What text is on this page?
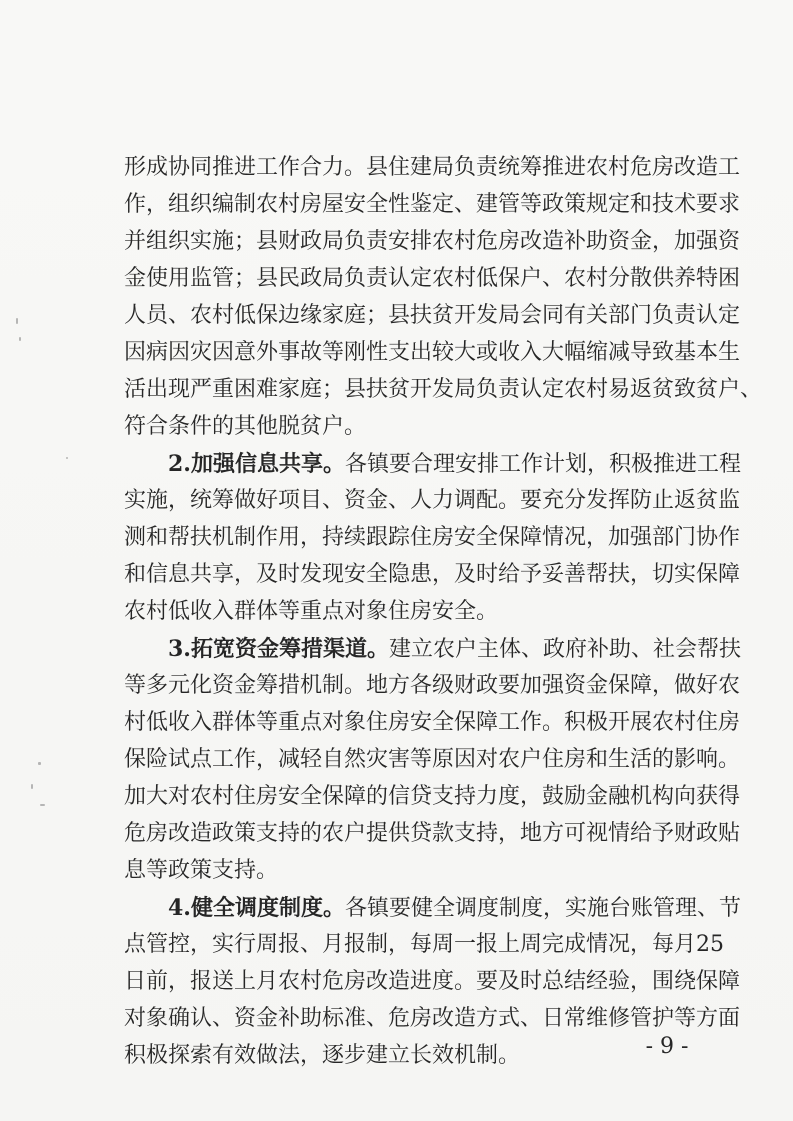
形成协同推进工作合力。县住建局负责统筹推进农村危房改造工
作，组织编制农村房屋安全性鉴定、建管等政策规定和技术要求
并组织实施；县财政局负责安排农村危房改造补助资金，加强资
金使用监管；县民政局负责认定农村低保户、农村分散供养特困
人员、农村低保边缘家庭；县扶贫开发局会同有关部门负责认定
因病因灾因意外事故等刚性支出较大或收入大幅缩减导致基本生
活出现严重困难家庭；县扶贫开发局负责认定农村易返贫致贫户、
符合条件的其他脱贫户。
2.加强信息共享。各镇要合理安排工作计划，积极推进工程
实施，统筹做好项目、资金、人力调配。要充分发挥防止返贫监
测和帮扶机制作用，持续跟踪住房安全保障情况，加强部门协作
和信息共享，及时发现安全隐患，及时给予妥善帮扶，切实保障
农村低收入群体等重点对象住房安全。
3.拓宽资金筹措渠道。建立农户主体、政府补助、社会帮扶
等多元化资金筹措机制。地方各级财政要加强资金保障，做好农
村低收入群体等重点对象住房安全保障工作。积极开展农村住房
保险试点工作，减轻自然灾害等原因对农户住房和生活的影响。
加大对农村住房安全保障的信贷支持力度，鼓励金融机构向获得
危房改造政策支持的农户提供贷款支持，地方可视情给予财政贴
息等政策支持。
4.健全调度制度。各镇要健全调度制度，实施台账管理、节
点管控，实行周报、月报制，每周一报上周完成情况，每月25
日前，报送上月农村危房改造进度。要及时总结经验，围绕保障
对象确认、资金补助标准、危房改造方式、日常维修管护等方面
积极探索有效做法，逐步建立长效机制。	- 9 -
